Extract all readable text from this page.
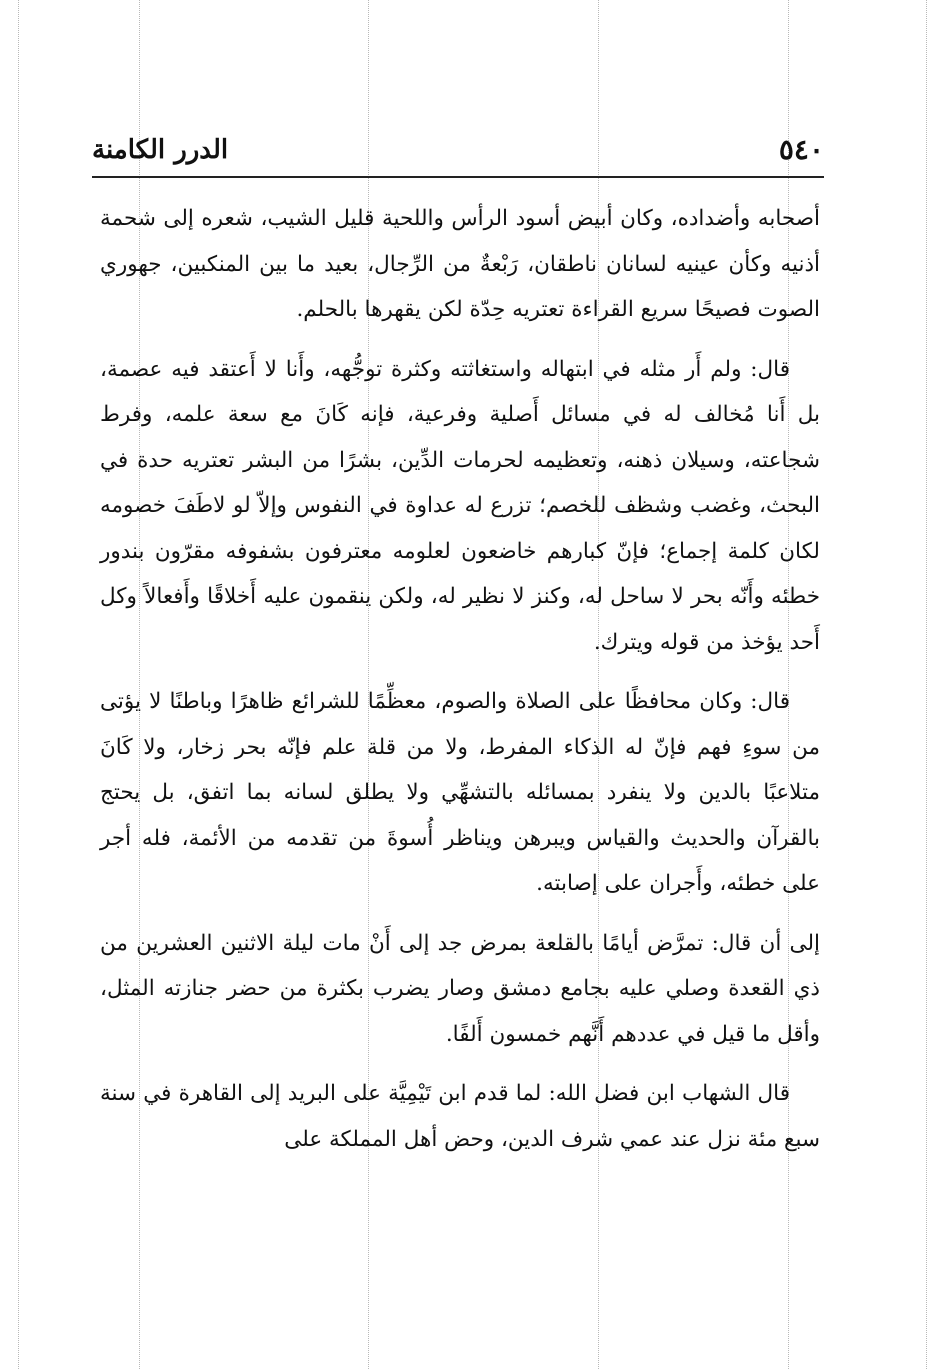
٥٤٠
الدرر الكامنة

أصحابه وأضداده، وكان أبيض أسود الرأس واللحية قليل الشيب، شعره إلى شحمة أذنيه وكأن عينيه لسانان ناطقان، رَبْعةٌ من الرِّجال، بعيد ما بين المنكبين، جهوري الصوت فصيحًا سريع القراءة تعتريه حِدّة لكن يقهرها بالحلم.

قال: ولم أَر مثله في ابتهاله واستغاثته وكثرة توجُّهه، وأَنا لا أَعتقد فيه عصمة، بل أَنا مُخالف له في مسائل أَصلية وفرعية، فإنه كَانَ مع سعة علمه، وفرط شجاعته، وسيلان ذهنه، وتعظيمه لحرمات الدِّين، بشرًا من البشر تعتريه حدة في البحث، وغضب وشظف للخصم؛ تزرع له عداوة في النفوس وإلاّ لو لاطَفَ خصومه لكان كلمة إجماع؛ فإنّ كبارهم خاضعون لعلومه معترفون بشفوفه مقرّون بندور خطئه وأَنّه بحر لا ساحل له، وكنز لا نظير له، ولكن ينقمون عليه أَخلاقًا وأَفعالاً وكل أَحد يؤخذ من قوله ويترك.

قال: وكان محافظًا على الصلاة والصوم، معظِّمًا للشرائع ظاهرًا وباطنًا لا يؤتى من سوءِ فهم فإنّ له الذكاء المفرط، ولا من قلة علم فإنّه بحر زخار، ولا كَانَ متلاعبًا بالدين ولا ينفرد بمسائله بالتشهِّي ولا يطلق لسانه بما اتفق، بل يحتج بالقرآن والحديث والقياس ويبرهن ويناظر أُسوةَ من تقدمه من الأئمة، فله أجر على خطئه، وأَجران على إصابته.

إلى أن قال: تمرَّض أيامًا بالقلعة بمرض جد إلى أَنْ مات ليلة الاثنين العشرين من ذي القعدة وصلي عليه بجامع دمشق وصار يضرب بكثرة من حضر جنازته المثل، وأقل ما قيل في عددهم أَنَّهم خمسون أَلفًا.

قال الشهاب ابن فضل الله: لما قدم ابن تَيْمِيَّة على البريد إلى القاهرة في سنة سبع مئة نزل عند عمي شرف الدين، وحض أهل المملكة على
